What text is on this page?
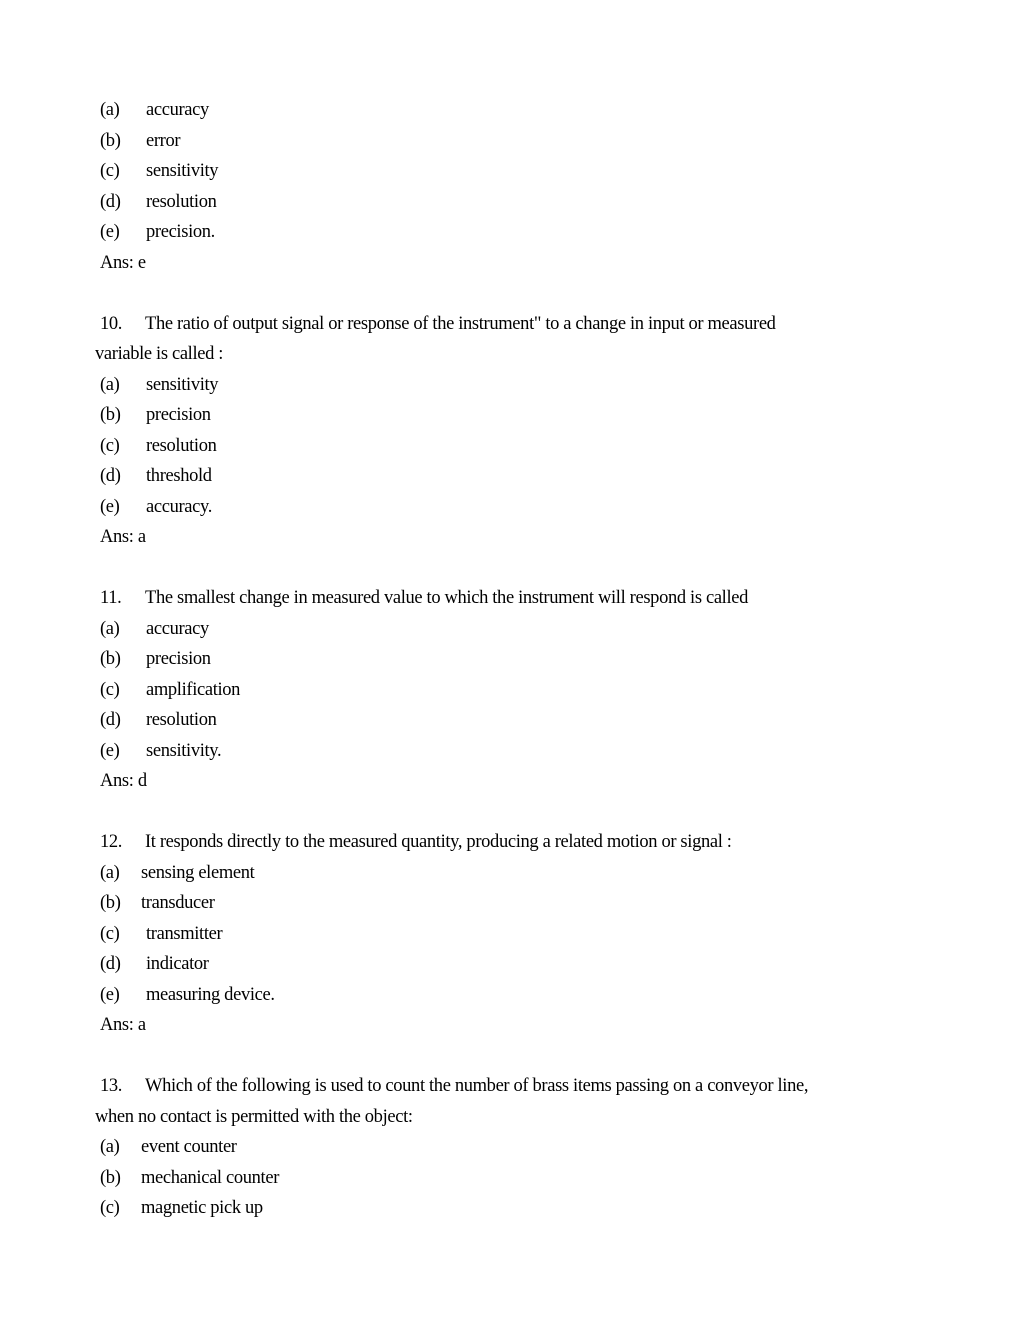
(a) accuracy
(b) error
(c) sensitivity
(d) resolution
(e) precision.
Ans: e
10. The ratio of output signal or response of the instrument" to a change in input or measured
variable is called :
(a) sensitivity
(b) precision
(c) resolution
(d) threshold
(e) accuracy.
Ans: a
11. The smallest change in measured value to which the instrument will respond is called
(a) accuracy
(b) precision
(c) amplification
(d) resolution
(e) sensitivity.
Ans: d
12. It responds directly to the measured quantity, producing a related motion or signal :
(a) sensing element
(b) transducer
(c) transmitter
(d) indicator
(e) measuring device.
Ans: a
13. Which of the following is used to count the number of brass items passing on a conveyor line,
when no contact is permitted with the object:
(a) event counter
(b) mechanical counter
(c) magnetic pick up
